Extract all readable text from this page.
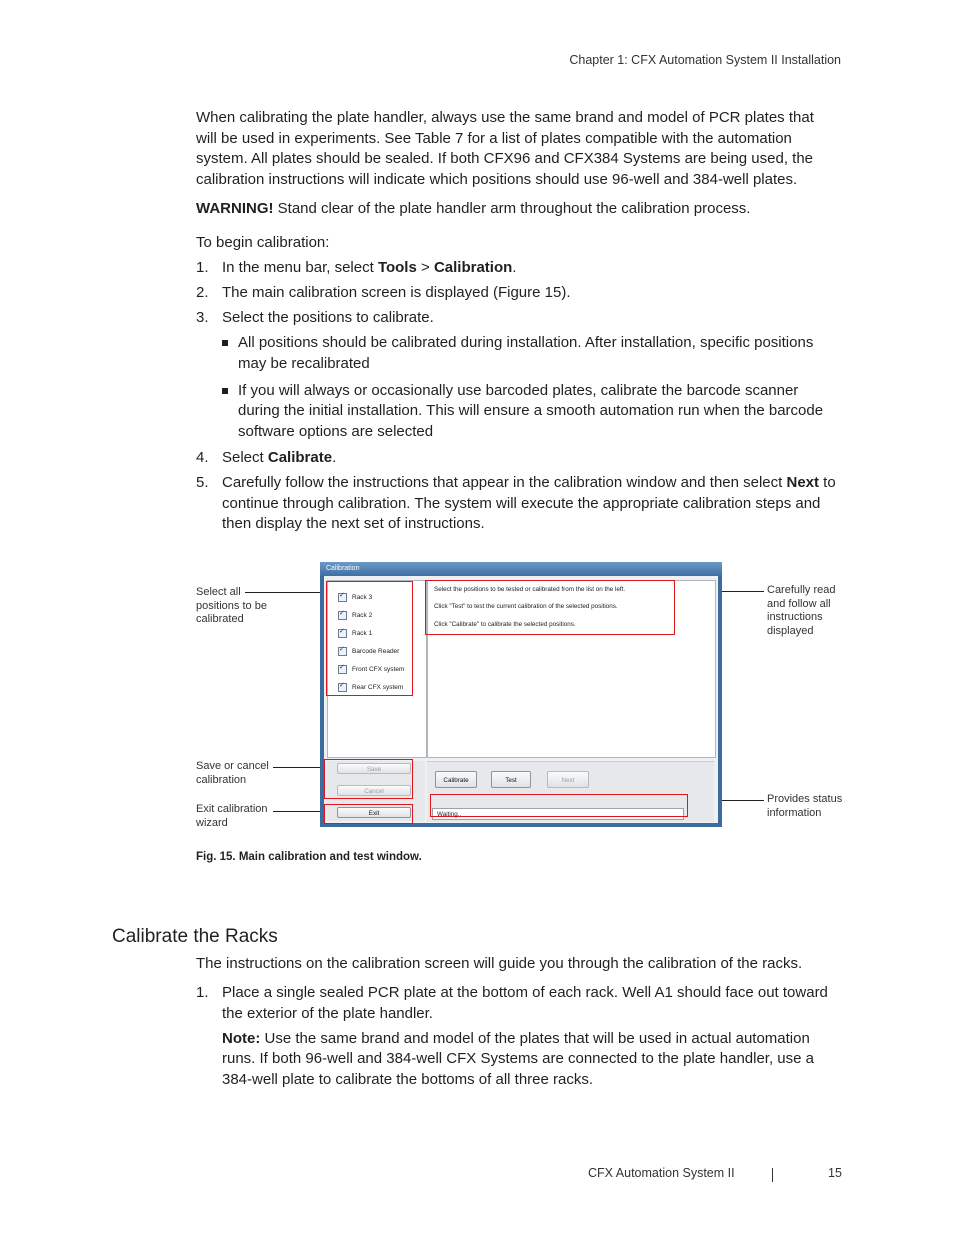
Chapter 1: CFX Automation System II Installation

When calibrating the plate handler, always use the same brand and model of PCR plates that will be used in experiments. See Table 7 for a list of plates compatible with the automation system. All plates should be sealed. If both CFX96 and CFX384 Systems are being used, the calibration instructions will indicate which positions should use 96-well and 384-well plates.

WARNING! Stand clear of the plate handler arm throughout the calibration process.

To begin calibration:

1. In the menu bar, select Tools > Calibration.
2. The main calibration screen is displayed (Figure 15).
3. Select the positions to calibrate.
All positions should be calibrated during installation. After installation, specific positions may be recalibrated
If you will always or occasionally use barcoded plates, calibrate the barcode scanner during the initial installation. This will ensure a smooth automation run when the barcode software options are selected
4. Select Calibrate.
5. Carefully follow the instructions that appear in the calibration window and then select Next to continue through calibration. The system will execute the appropriate calibration steps and then display the next set of instructions.
Select all positions to be calibrated
Save or cancel calibration
Exit calibration wizard
Carefully read and follow all instructions displayed
Provides status information
Calibration
✓
Rack 3
✓
Rack 2
✓
Rack 1
✓
Barcode Reader
✓
Front CFX system
✓
Rear CFX system
Select the positions to be tested or calibrated from the list on the left.
Click "Test" to test the current calibration of the selected positions.
Click "Calibrate" to calibrate the selected positions.
Save
Cancel
Exit
Calibrate	Test	Next
Waiting..
Fig. 15. Main calibration and test window.
Calibrate the Racks

The instructions on the calibration screen will guide you through the calibration of the racks.

1. Place a single sealed PCR plate at the bottom of each rack. Well A1 should face out toward the exterior of the plate handler.
Note: Use the same brand and model of the plates that will be used in actual automation runs. If both 96-well and 384-well CFX Systems are connected to the plate handler, use a 384-well plate to calibrate the bottoms of all three racks.
CFX Automation System II	15
